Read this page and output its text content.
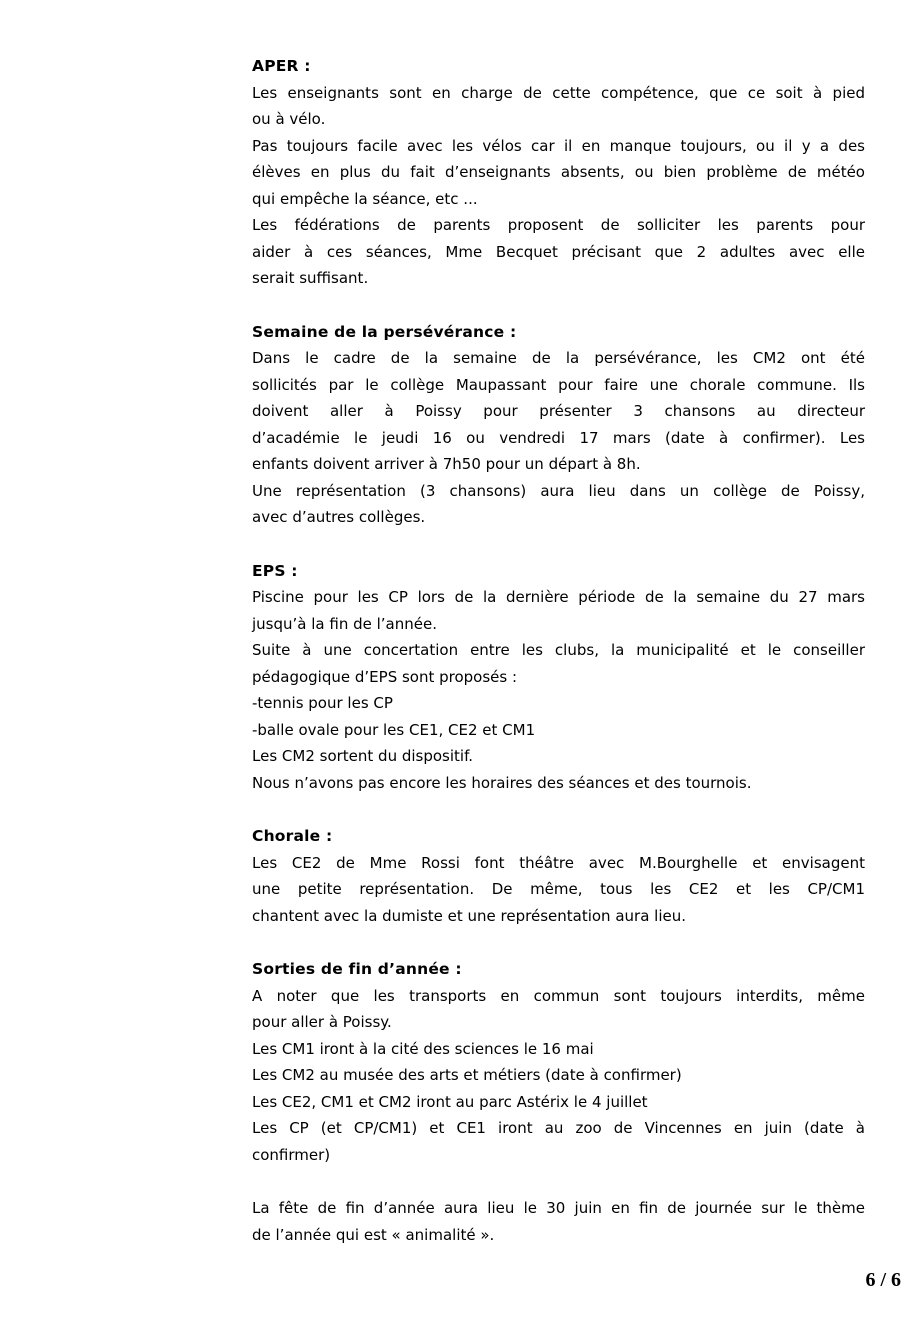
APER :
Les enseignants sont en charge de cette compétence, que ce soit à pied
ou à vélo.
Pas toujours facile avec les vélos car il en manque toujours, ou il y a des
élèves en plus du fait d’enseignants absents, ou bien problème de météo
qui empêche la séance, etc ...
Les fédérations de parents proposent de solliciter les parents pour
aider à ces séances, Mme Becquet précisant que 2 adultes avec elle
serait suffisant.
Semaine de la persévérance :
Dans le cadre de la semaine de la persévérance, les CM2 ont été
sollicités par le collège Maupassant pour faire une chorale commune. Ils
doivent aller à Poissy pour présenter 3 chansons au directeur
d’académie le jeudi 16 ou vendredi 17 mars (date à confirmer). Les
enfants doivent arriver à 7h50 pour un départ à 8h.
Une représentation (3 chansons) aura lieu dans un collège de Poissy,
avec d’autres collèges.
EPS :
Piscine pour les CP lors de la dernière période de la semaine du 27 mars
jusqu’à la fin de l’année.
Suite à une concertation entre les clubs, la municipalité et le conseiller
pédagogique d’EPS sont proposés :
-tennis pour les CP
-balle ovale pour les CE1, CE2 et CM1
Les CM2 sortent du dispositif.
Nous n’avons pas encore les horaires des séances et des tournois.
Chorale :
Les CE2 de Mme Rossi font théâtre avec M.Bourghelle et envisagent
une petite représentation. De même, tous les CE2 et les CP/CM1
chantent avec la dumiste et une représentation aura lieu.
Sorties de fin d’année :
A noter que les transports en commun sont toujours interdits, même
pour aller à Poissy.
Les CM1 iront à la cité des sciences le 16 mai
Les CM2 au musée des arts et métiers (date à confirmer)
Les CE2, CM1 et CM2 iront au parc Astérix le 4 juillet
Les CP (et CP/CM1) et CE1 iront au zoo de Vincennes en juin (date à
confirmer)
La fête de fin d’année aura lieu le 30 juin en fin de journée sur le thème
de l’année qui est « animalité ».
6 / 6
